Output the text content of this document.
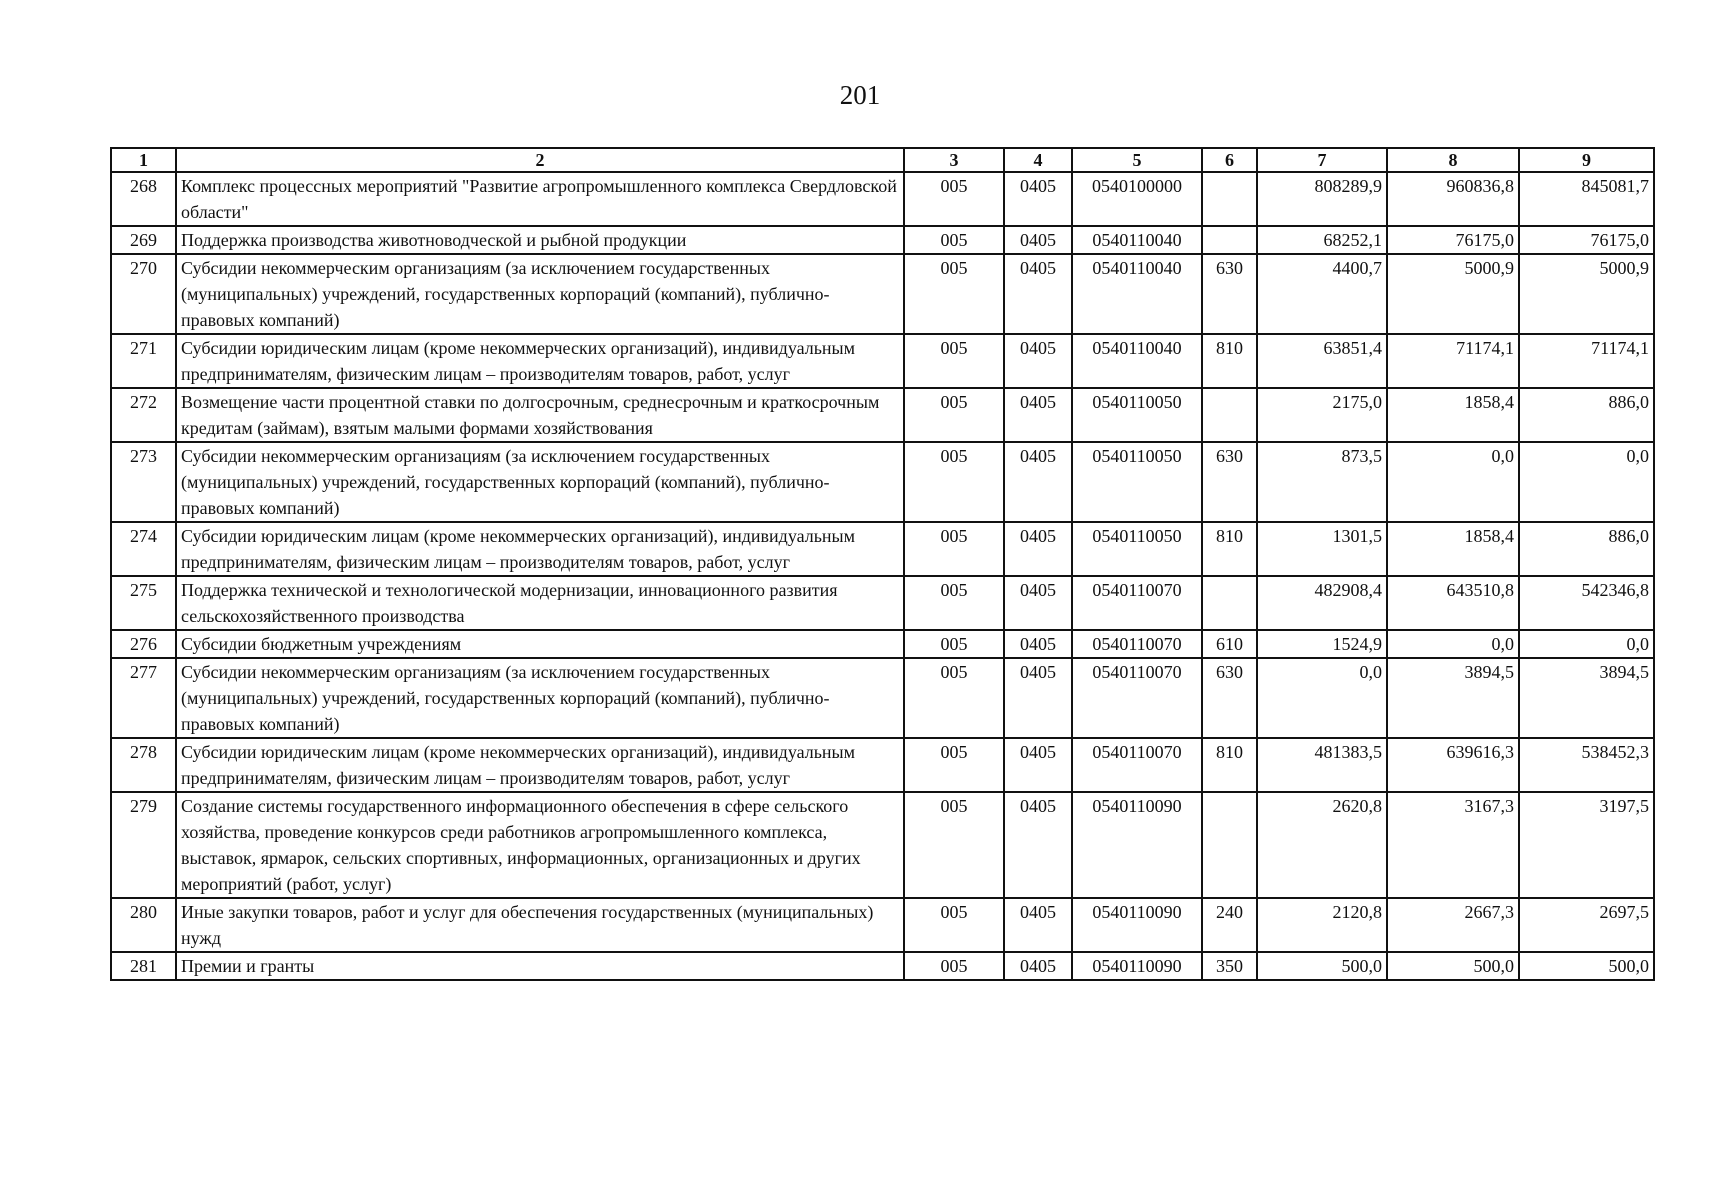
201
1	2	3	4	5	6	7	8	9
268	Комплекс процессных мероприятий "Развитие агропромышленного комплекса Свердловской области"	005	0405	0540100000		808289,9	960836,8	845081,7
269	Поддержка производства животноводческой и рыбной продукции	005	0405	0540110040		68252,1	76175,0	76175,0
270	Субсидии некоммерческим организациям (за исключением государственных (муниципальных) учреждений, государственных корпораций (компаний), публично-правовых компаний)	005	0405	0540110040	630	4400,7	5000,9	5000,9
271	Субсидии юридическим лицам (кроме некоммерческих организаций), индивидуальным предпринимателям, физическим лицам – производителям товаров, работ, услуг	005	0405	0540110040	810	63851,4	71174,1	71174,1
272	Возмещение части процентной ставки по долгосрочным, среднесрочным и краткосрочным кредитам (займам), взятым малыми формами хозяйствования	005	0405	0540110050		2175,0	1858,4	886,0
273	Субсидии некоммерческим организациям (за исключением государственных (муниципальных) учреждений, государственных корпораций (компаний), публично-правовых компаний)	005	0405	0540110050	630	873,5	0,0	0,0
274	Субсидии юридическим лицам (кроме некоммерческих организаций), индивидуальным предпринимателям, физическим лицам – производителям товаров, работ, услуг	005	0405	0540110050	810	1301,5	1858,4	886,0
275	Поддержка технической и технологической модернизации, инновационного развития сельскохозяйственного производства	005	0405	0540110070		482908,4	643510,8	542346,8
276	Субсидии бюджетным учреждениям	005	0405	0540110070	610	1524,9	0,0	0,0
277	Субсидии некоммерческим организациям (за исключением государственных (муниципальных) учреждений, государственных корпораций (компаний), публично-правовых компаний)	005	0405	0540110070	630	0,0	3894,5	3894,5
278	Субсидии юридическим лицам (кроме некоммерческих организаций), индивидуальным предпринимателям, физическим лицам – производителям товаров, работ, услуг	005	0405	0540110070	810	481383,5	639616,3	538452,3
279	Создание системы государственного информационного обеспечения в сфере сельского хозяйства, проведение конкурсов среди работников агропромышленного комплекса, выставок, ярмарок, сельских спортивных, информационных, организационных и других мероприятий (работ, услуг)	005	0405	0540110090		2620,8	3167,3	3197,5
280	Иные закупки товаров, работ и услуг для обеспечения государственных (муниципальных) нужд	005	0405	0540110090	240	2120,8	2667,3	2697,5
281	Премии и гранты	005	0405	0540110090	350	500,0	500,0	500,0
